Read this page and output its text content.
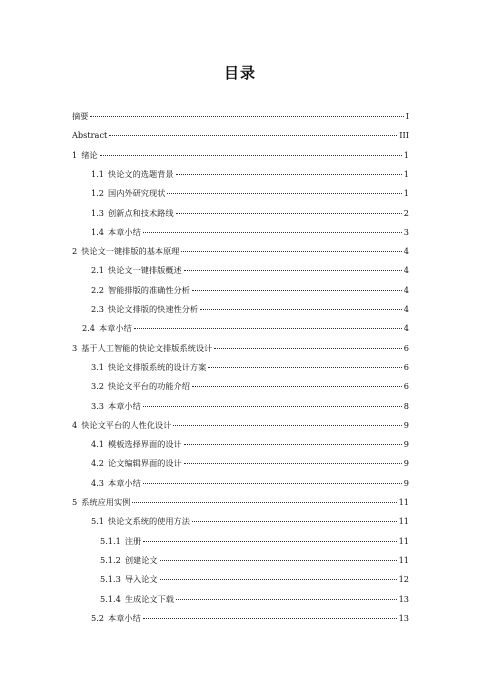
目录
摘要	I
Abstract	III
1 绪论	1
1.1 快论文的选题背景	1
1.2 国内外研究现状	1
1.3 创新点和技术路线	2
1.4 本章小结	3
2 快论文一键排版的基本原理	4
2.1 快论文一键排版概述	4
2.2 智能排版的准确性分析	4
2.3 快论文排版的快速性分析	4
2.4 本章小结	4
3 基于人工智能的快论文排版系统设计	6
3.1 快论文排版系统的设计方案	6
3.2 快论文平台的功能介绍	6
3.3 本章小结	8
4 快论文平台的人性化设计	9
4.1 模板选择界面的设计	9
4.2 论文编辑界面的设计	9
4.3 本章小结	9
5 系统应用实例	11
5.1 快论文系统的使用方法	11
5.1.1 注册	11
5.1.2 创建论文	11
5.1.3 导入论文	12
5.1.4 生成论文下载	13
5.2 本章小结	13
